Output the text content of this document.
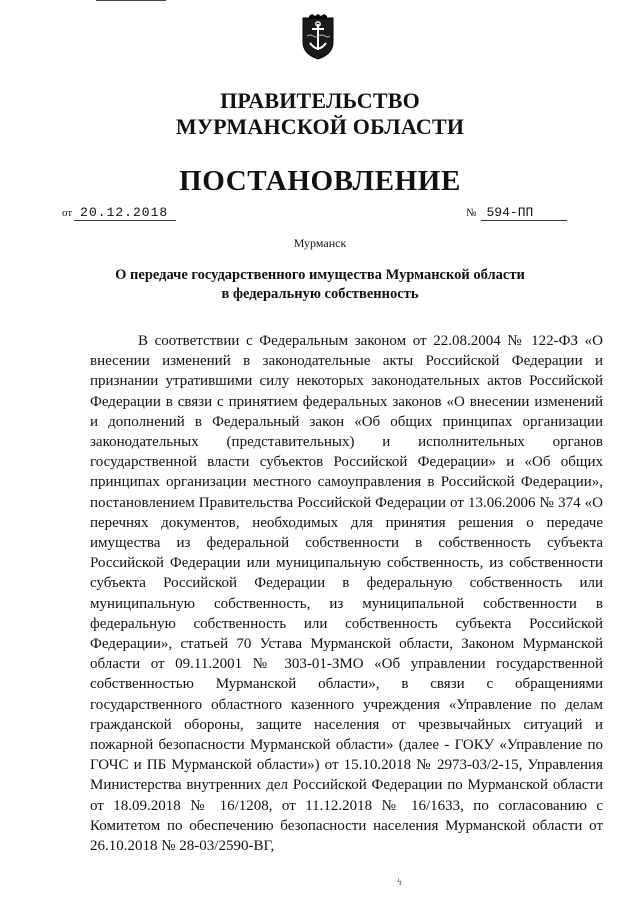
ПРАВИТЕЛЬСТВО
МУРМАНСКОЙ ОБЛАСТИ
ПОСТАНОВЛЕНИЕ
от 20.12.2018	№ 594-ПП
Мурманск
О передаче государственного имущества Мурманской области
в федеральную собственность

В соответствии с Федеральным законом от 22.08.2004 № 122-ФЗ «О внесении изменений в законодательные акты Российской Федерации и признании утратившими силу некоторых законодательных актов Российской Федерации в связи с принятием федеральных законов «О внесении изменений и дополнений в Федеральный закон «Об общих принципах организации законодательных (представительных) и исполнительных органов государственной власти субъектов Российской Федерации» и «Об общих принципах организации местного самоуправления в Российской Федерации», постановлением Правительства Российской Федерации от 13.06.2006 № 374 «О перечнях документов, необходимых для принятия решения о передаче имущества из федеральной собственности в собственность субъекта Российской Федерации или муниципальную собственность, из собственности субъекта Российской Федерации в федеральную собственность или муниципальную собственность, из муниципальной собственности в федеральную собственность или собственность субъекта Российской Федерации», статьей 70 Устава Мурманской области, Законом Мурманской области от 09.11.2001 № 303-01-ЗМО «Об управлении государственной собственностью Мурманской области», в связи с обращениями государственного областного казенного учреждения «Управление по делам гражданской обороны, защите населения от чрезвычайных ситуаций и пожарной безопасности Мурманской области» (далее - ГОКУ «Управление по ГОЧС и ПБ Мурманской области») от 15.10.2018 № 2973-03/2-15, Управления Министерства внутренних дел Российской Федерации по Мурманской области от 18.09.2018 № 16/1208, от 11.12.2018 № 16/1633, по согласованию с Комитетом по обеспечению безопасности населения Мурманской области от 26.10.2018 № 28-03/2590-ВГ,

↯
